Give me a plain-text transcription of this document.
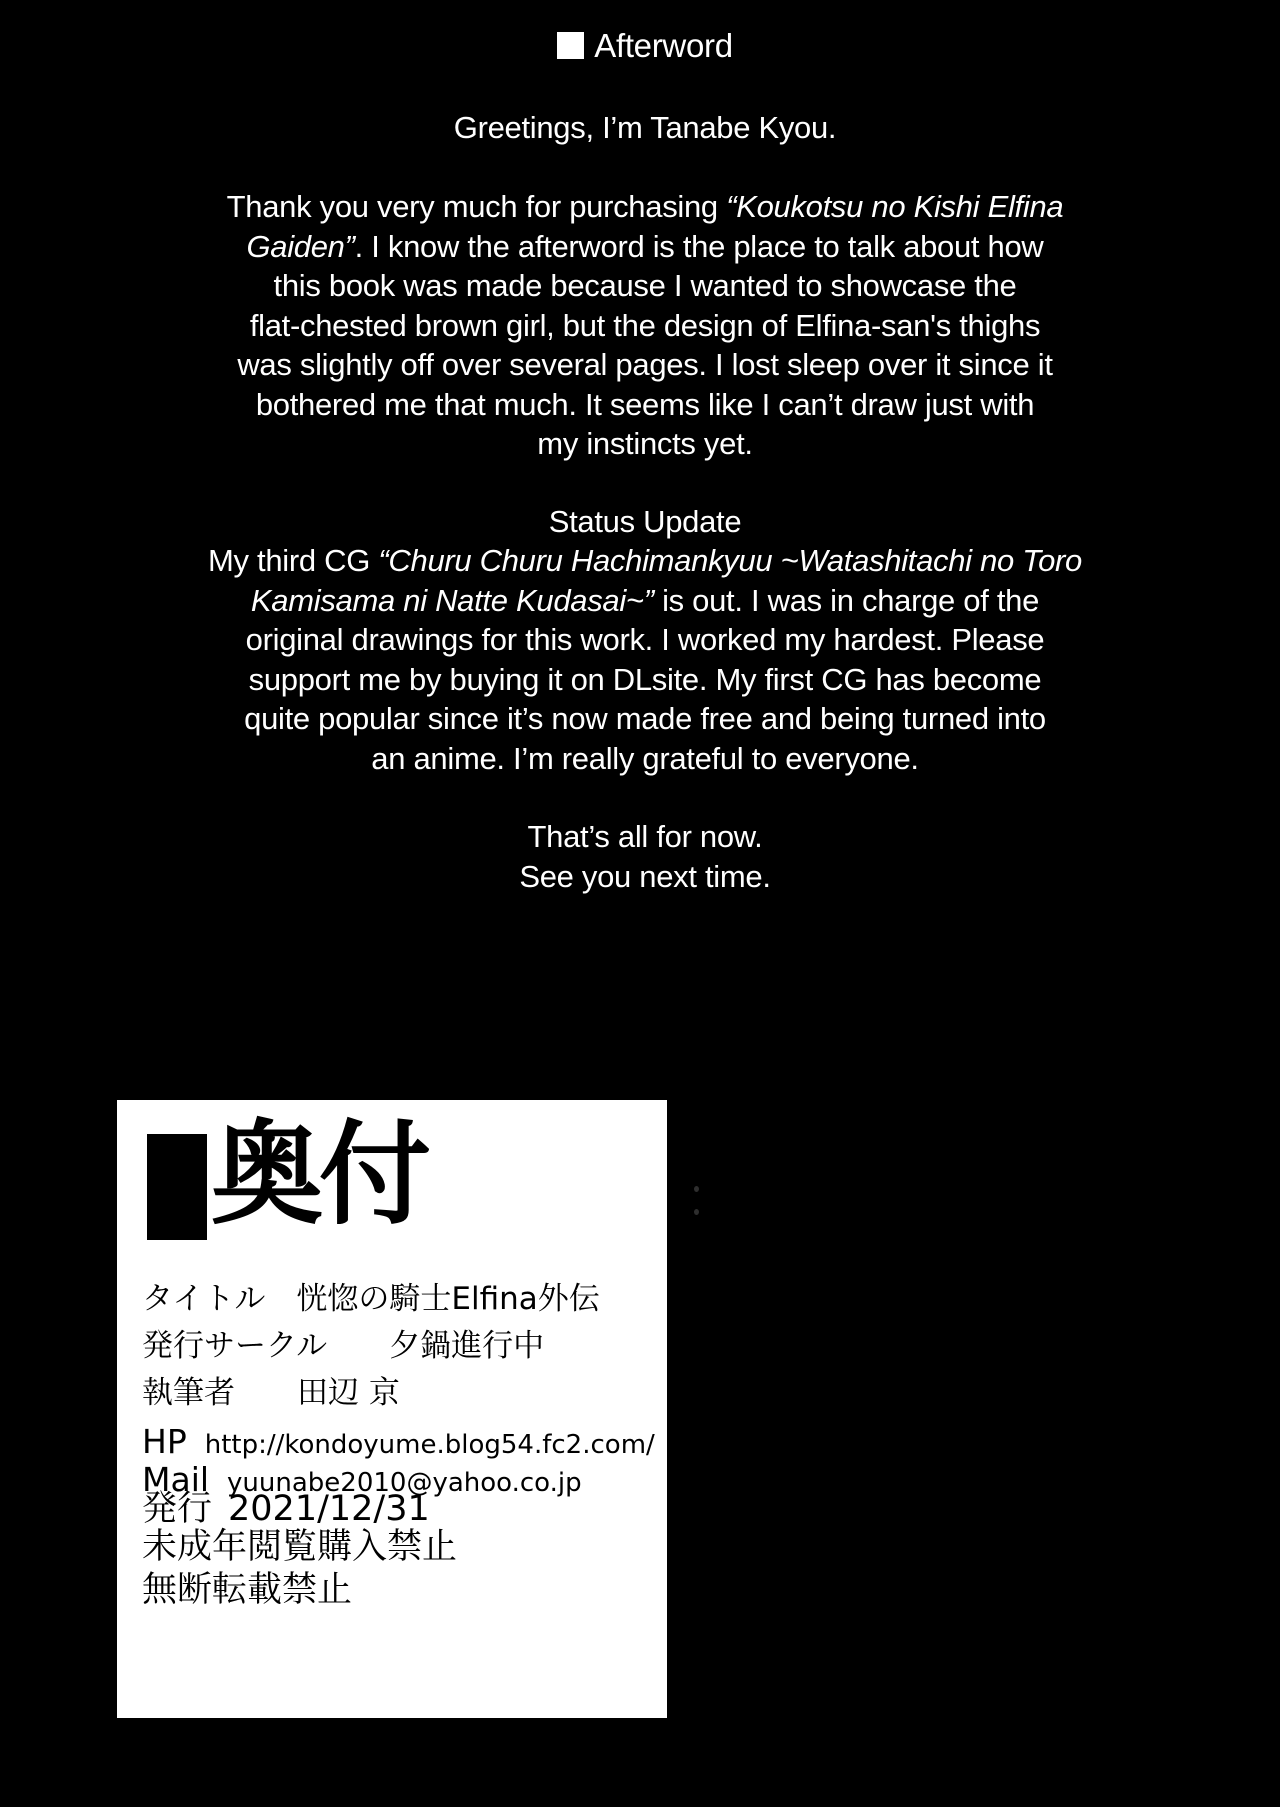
Afterword
Greetings, I’m Tanabe Kyou.
Thank you very much for purchasing “Koukotsu no Kishi Elfina
Gaiden”. I know the afterword is the place to talk about how
this book was made because I wanted to showcase the
flat-chested brown girl, but the design of Elfina-san's thighs
was slightly off over several pages. I lost sleep over it since it
bothered me that much. It seems like I can’t draw just with
my instincts yet.
Status Update
My third CG “Churu Churu Hachimankyuu ~Watashitachi no Toro
Kamisama ni Natte Kudasai~” is out. I was in charge of the
original drawings for this work. I worked my hardest. Please
support me by buying it on DLsite. My first CG has become
quite popular since it’s now made free and being turned into
an anime. I’m really grateful to everyone.
That’s all for now.
See you next time.
奥付
タイトル　恍惚の騎士Elfina外伝
発行サークル　　夕鍋進行中
執筆者　　田辺 京
HP http://kondoyume.blog54.fc2.com/
Mail yuunabe2010@yahoo.co.jp
発行 2021/12/31
未成年閲覧購入禁止
無断転載禁止
